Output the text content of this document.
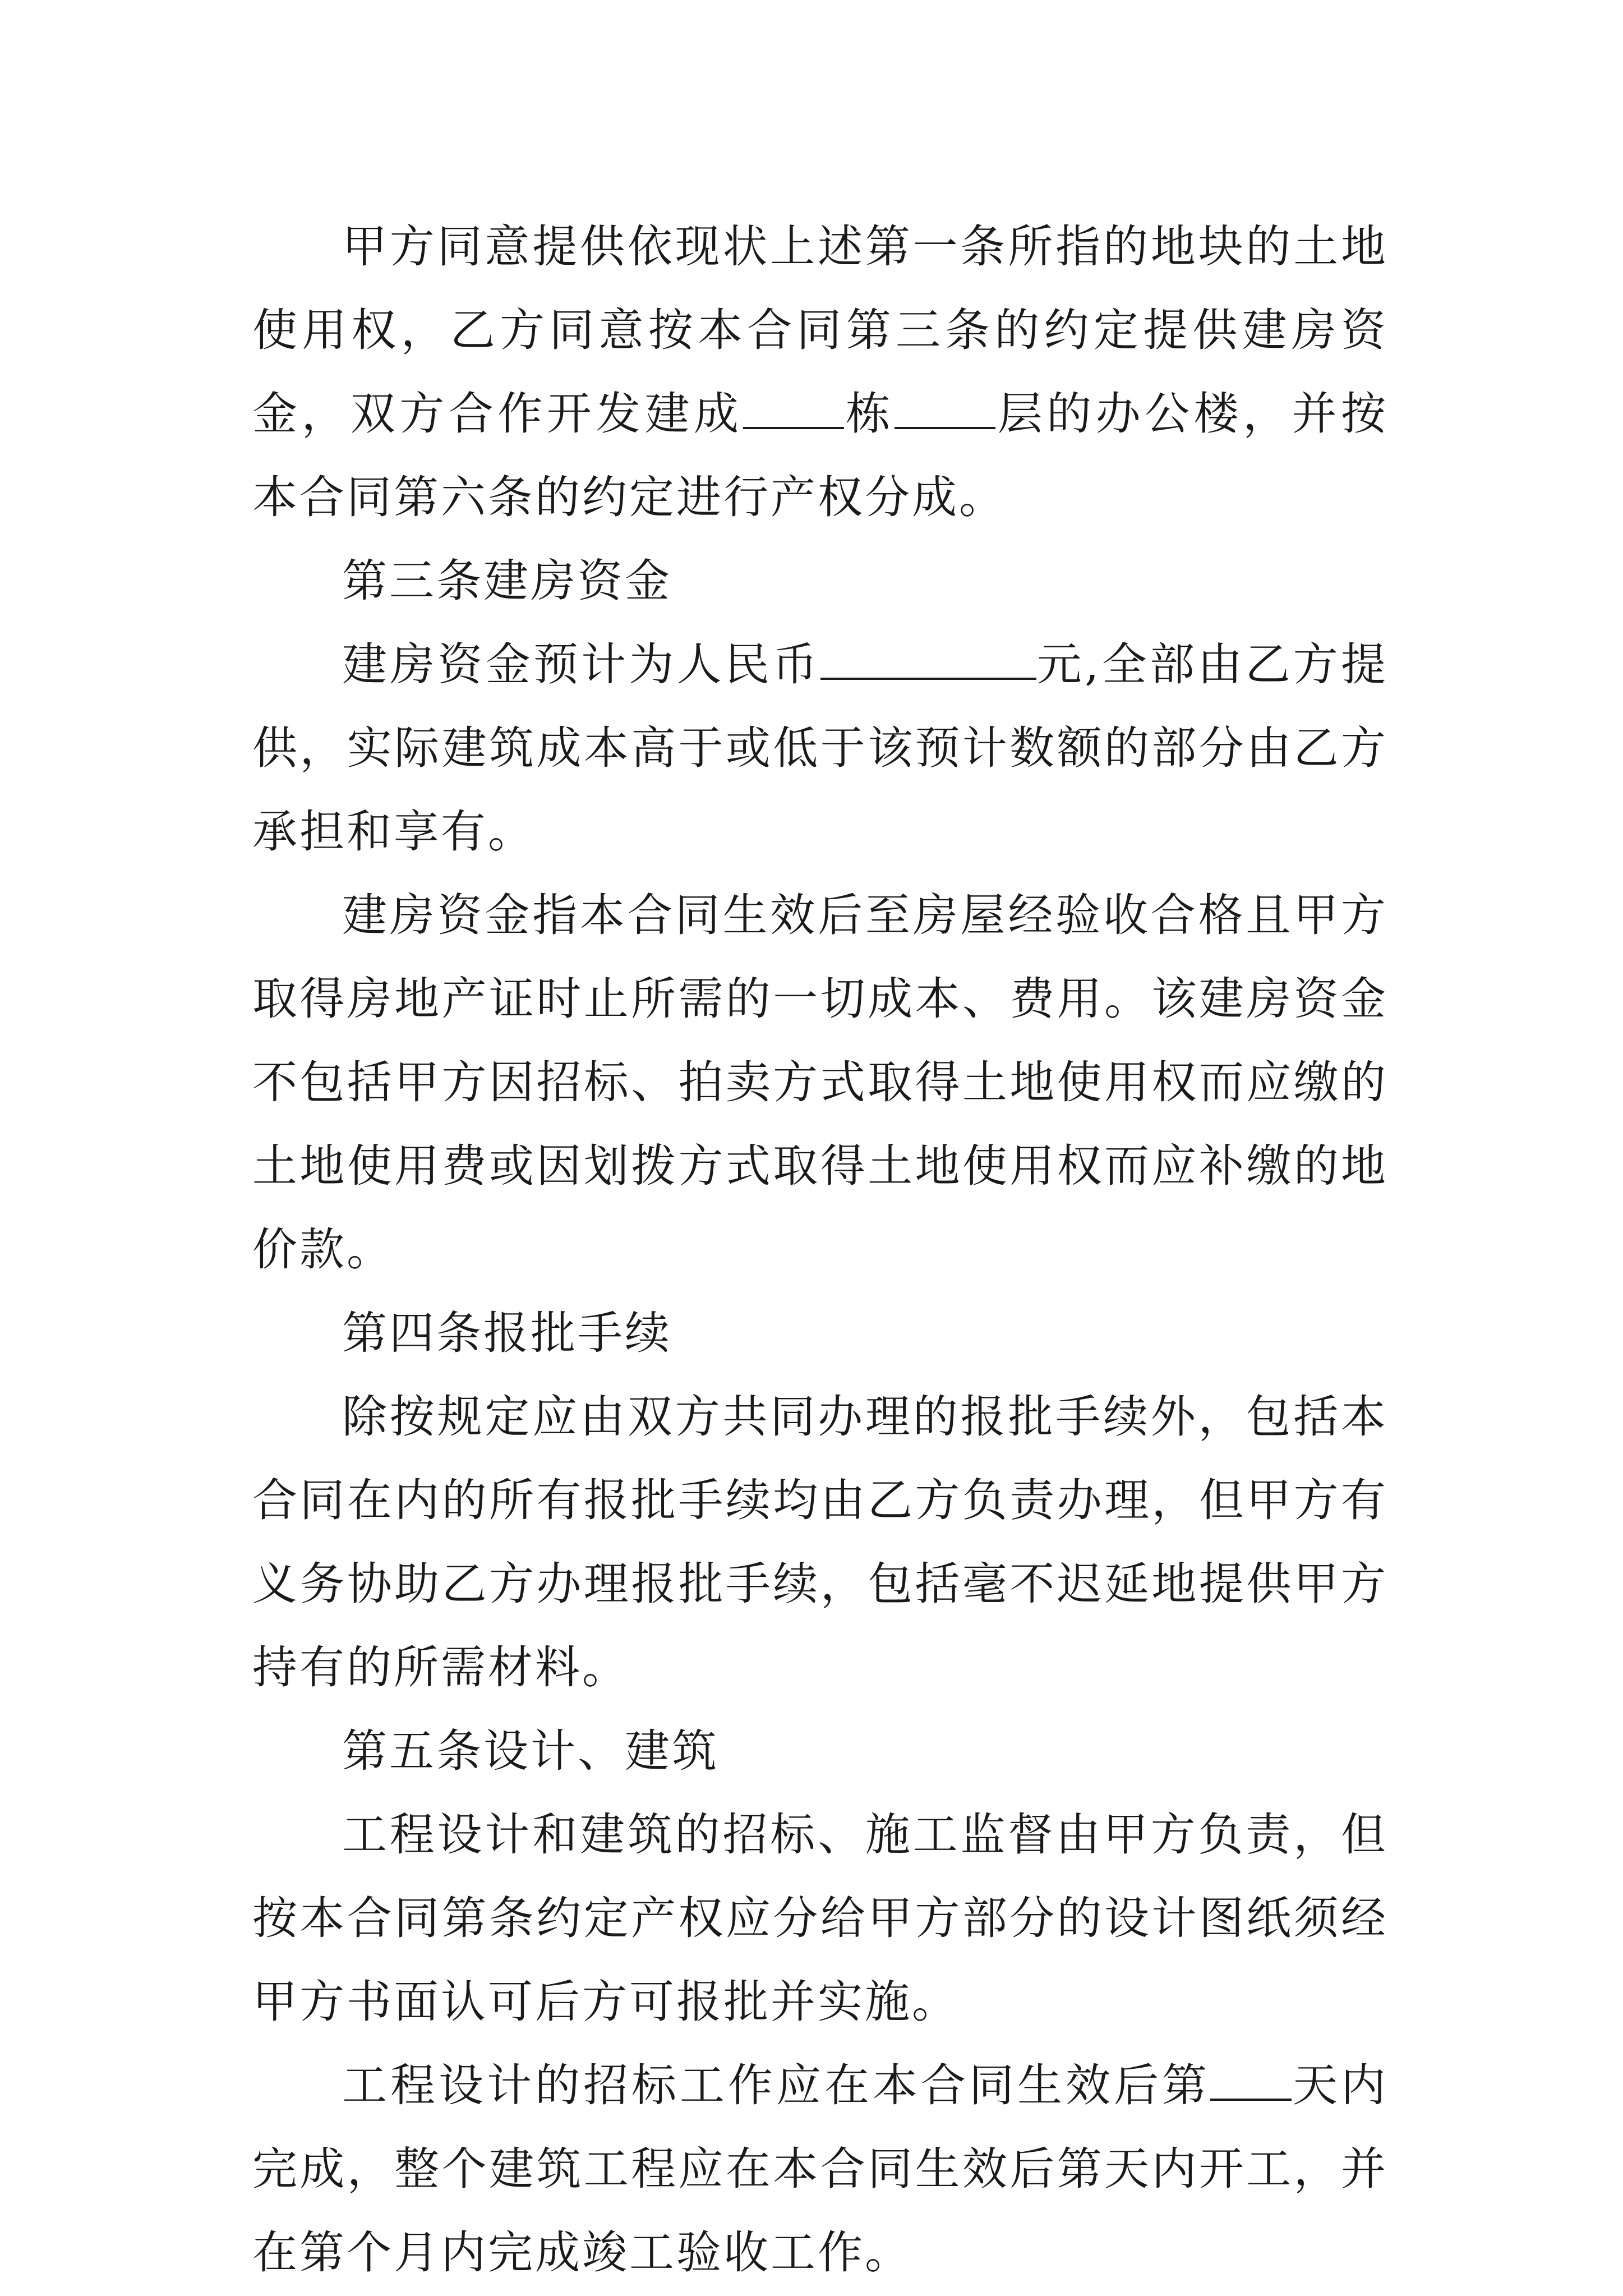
甲方同意提供依现状上述第一条所指的地块的土地使用权，乙方同意按本合同第三条的约定提供建房资金，双方合作开发建成 栋 层的办公楼，并按本合同第六条的约定进行产权分成。

第三条建房资金

建房资金预计为人民币	元,全部由乙方提供，实际建筑成本高于或低于该预计数额的部分由乙方承担和享有。

建房资金指本合同生效后至房屋经验收合格且甲方取得房地产证时止所需的一切成本、费用。该建房资金不包括甲方因招标、拍卖方式取得土地使用权而应缴的土地使用费或因划拨方式取得土地使用权而应补缴的地价款。

第四条报批手续

除按规定应由双方共同办理的报批手续外，包括本合同在内的所有报批手续均由乙方负责办理，但甲方有义务协助乙方办理报批手续，包括毫不迟延地提供甲方持有的所需材料。

第五条设计、建筑

工程设计和建筑的招标、施工监督由甲方负责，但按本合同第条约定产权应分给甲方部分的设计图纸须经甲方书面认可后方可报批并实施。

工程设计的招标工作应在本合同生效后第 天内完成，整个建筑工程应在本合同生效后第天内开工，并在第个月内完成竣工验收工作。
